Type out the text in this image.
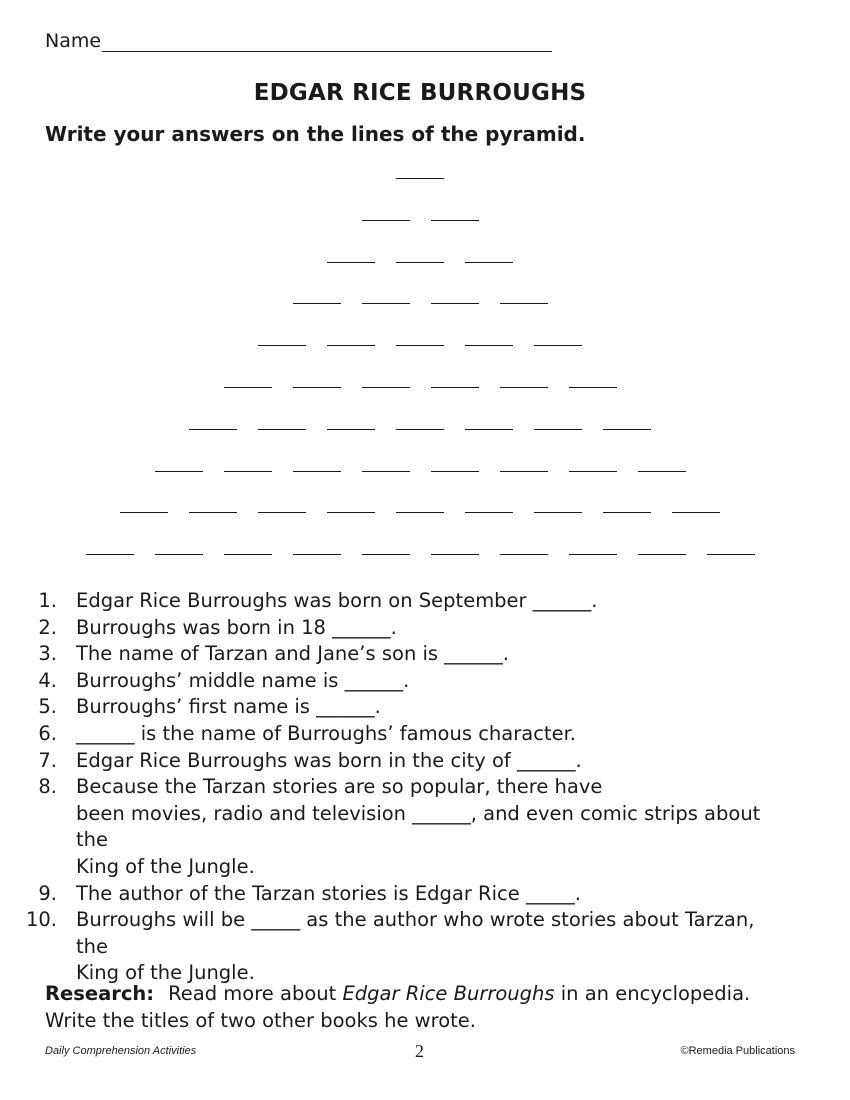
Name
EDGAR RICE BURROUGHS
Write your answers on the lines of the pyramid.
1. Edgar Rice Burroughs was born on September ______.
2. Burroughs was born in 18 ______.
3. The name of Tarzan and Jane’s son is ______.
4. Burroughs’ middle name is ______.
5. Burroughs’ first name is ______.
6. ______ is the name of Burroughs’ famous character.
7. Edgar Rice Burroughs was born in the city of ______.
8. Because the Tarzan stories are so popular, there have
been movies, radio and television ______, and even comic strips about the
King of the Jungle.
9. The author of the Tarzan stories is Edgar Rice _____.
10. Burroughs will be _____ as the author who wrote stories about Tarzan, the
King of the Jungle.
Research: Read more about Edgar Rice Burroughs in an encyclopedia. Write the titles of two other books he wrote.
Daily Comprehension Activities	2	©Remedia Publications
